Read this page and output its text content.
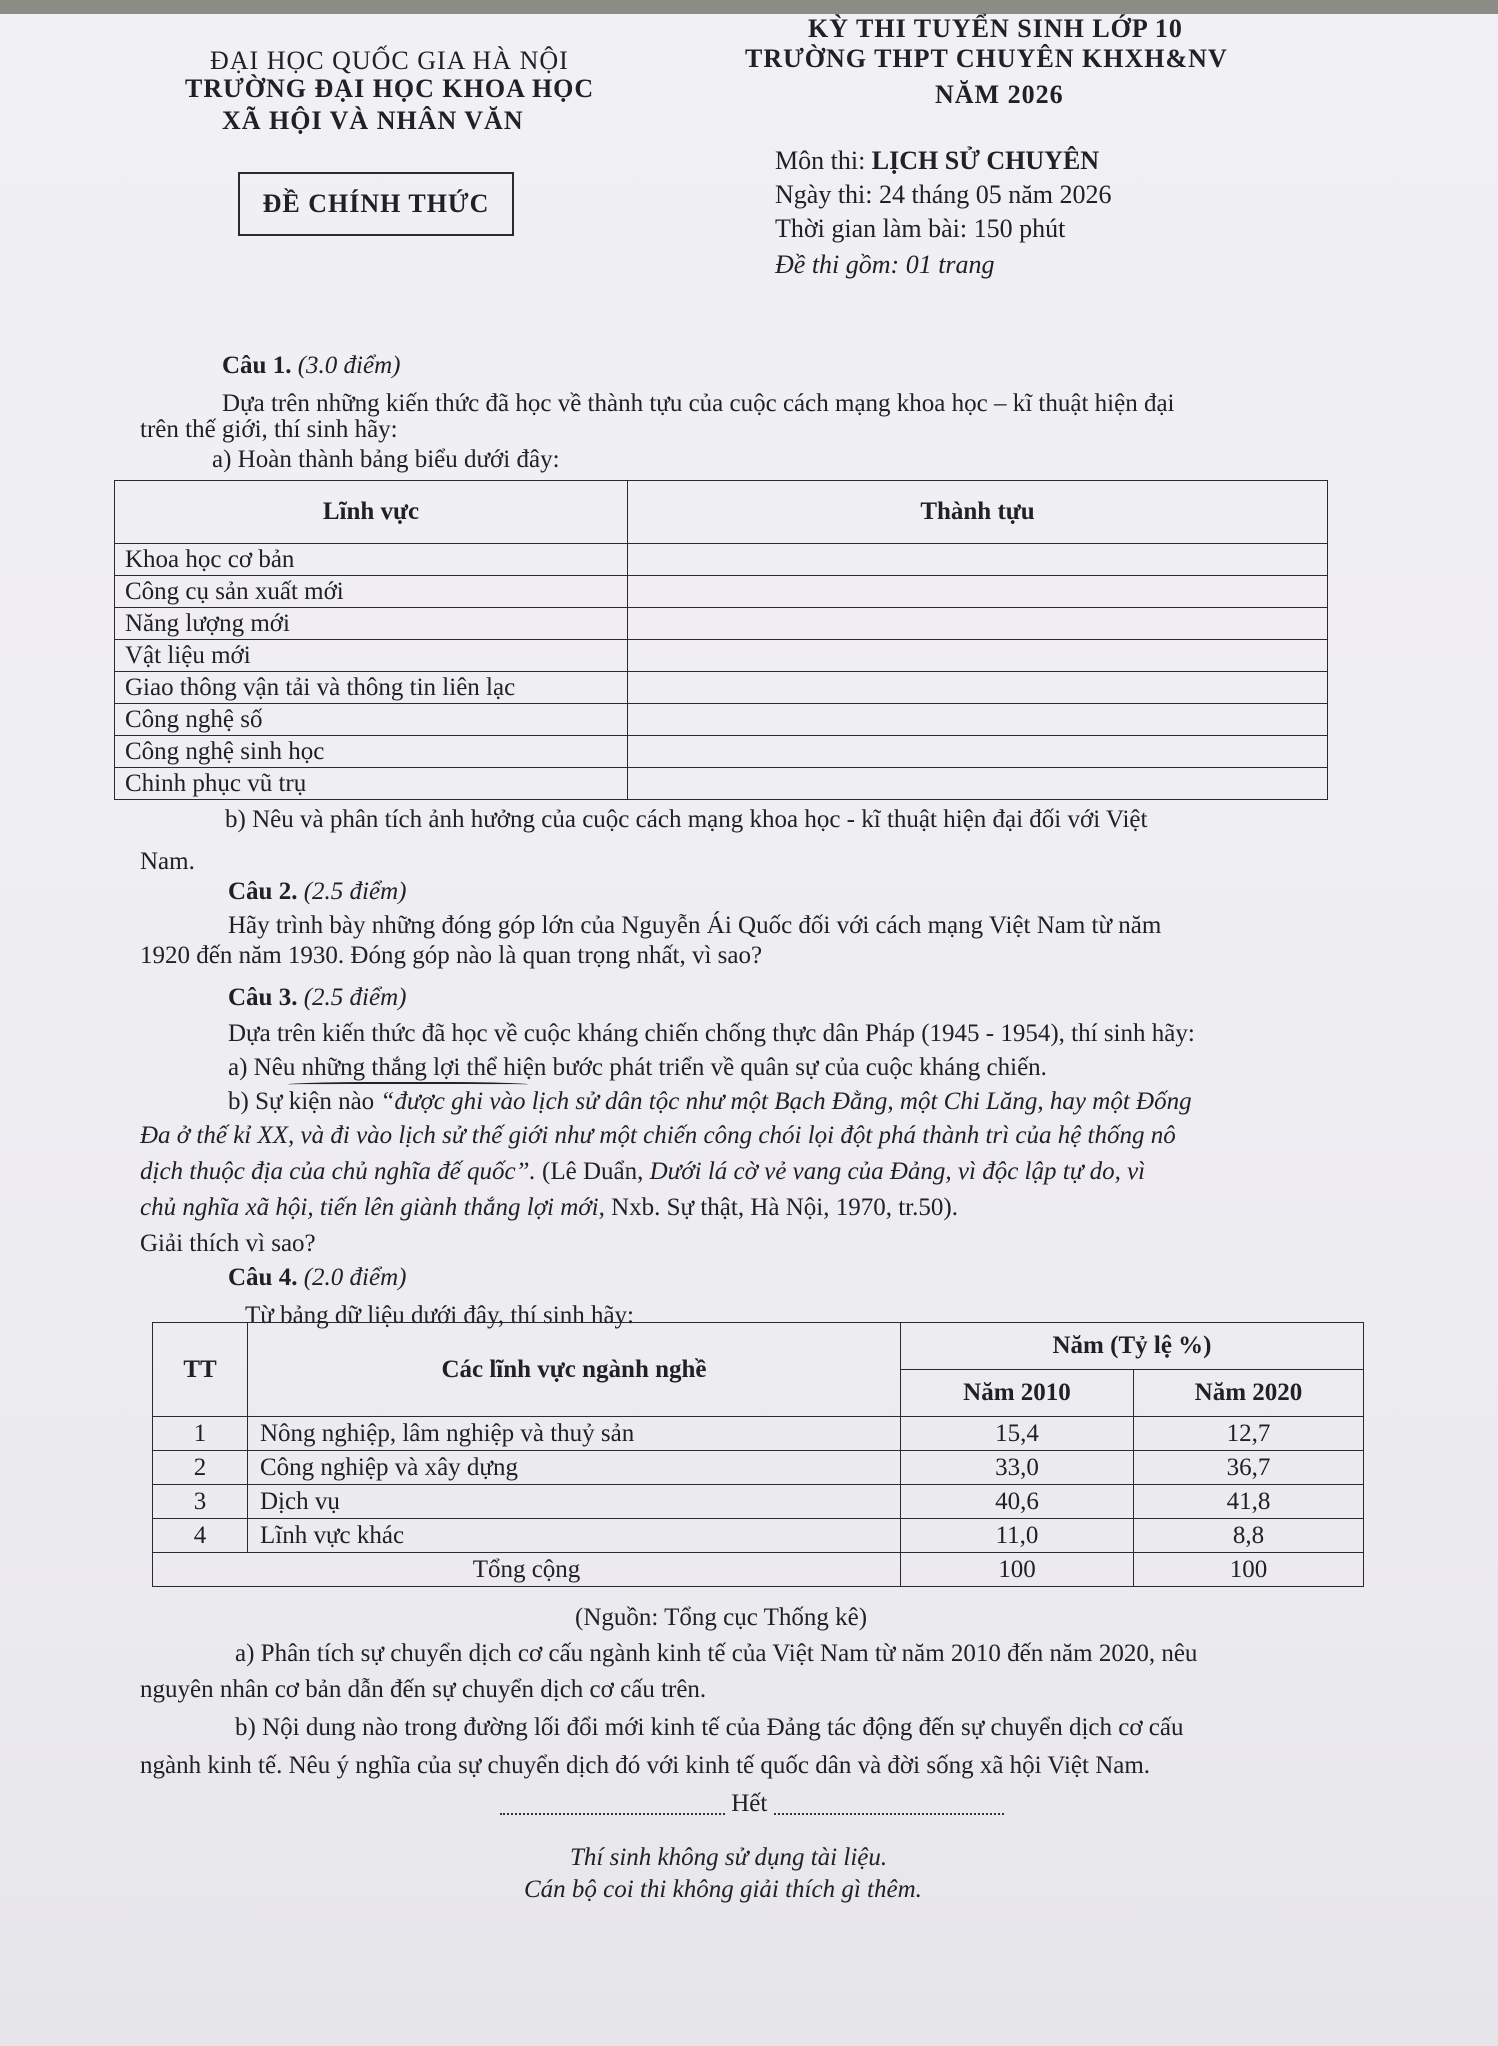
ĐẠI HỌC QUỐC GIA HÀ NỘI
TRƯỜNG ĐẠI HỌC KHOA HỌC
XÃ HỘI VÀ NHÂN VĂN
KỲ THI TUYỂN SINH LỚP 10
TRƯỜNG THPT CHUYÊN KHXH&NV
NĂM 2026
ĐỀ CHÍNH THỨC
Môn thi: LỊCH SỬ CHUYÊN
Ngày thi: 24 tháng 05 năm 2026
Thời gian làm bài: 150 phút
Đề thi gồm: 01 trang
Câu 1. (3.0 điểm)
Dựa trên những kiến thức đã học về thành tựu của cuộc cách mạng khoa học – kĩ thuật hiện đại
trên thế giới, thí sinh hãy:
a) Hoàn thành bảng biểu dưới đây:
Lĩnh vực	Thành tựu
Khoa học cơ bản	
Công cụ sản xuất mới	
Năng lượng mới	
Vật liệu mới	
Giao thông vận tải và thông tin liên lạc	
Công nghệ số	
Công nghệ sinh học	
Chinh phục vũ trụ	
b) Nêu và phân tích ảnh hưởng của cuộc cách mạng khoa học - kĩ thuật hiện đại đối với Việt
Nam.
Câu 2. (2.5 điểm)
Hãy trình bày những đóng góp lớn của Nguyễn Ái Quốc đối với cách mạng Việt Nam từ năm
1920 đến năm 1930. Đóng góp nào là quan trọng nhất, vì sao?
Câu 3. (2.5 điểm)
Dựa trên kiến thức đã học về cuộc kháng chiến chống thực dân Pháp (1945 - 1954), thí sinh hãy:
a) Nêu những thắng lợi thể hiện bước phát triển về quân sự của cuộc kháng chiến.
b) Sự kiện nào “được ghi vào lịch sử dân tộc như một Bạch Đằng, một Chi Lăng, hay một Đống
Đa ở thế kỉ XX, và đi vào lịch sử thế giới như một chiến công chói lọi đột phá thành trì của hệ thống nô
dịch thuộc địa của chủ nghĩa đế quốc”. (Lê Duẩn, Dưới lá cờ vẻ vang của Đảng, vì độc lập tự do, vì
chủ nghĩa xã hội, tiến lên giành thắng lợi mới, Nxb. Sự thật, Hà Nội, 1970, tr.50).
Giải thích vì sao?
Câu 4. (2.0 điểm)
Từ bảng dữ liệu dưới đây, thí sinh hãy:
TT	Các lĩnh vực ngành nghề	Năm (Tỷ lệ %)	
		Năm 2010	Năm 2020
1	Nông nghiệp, lâm nghiệp và thuỷ sản	15,4	12,7
2	Công nghiệp và xây dựng	33,0	36,7
3	Dịch vụ	40,6	41,8
4	Lĩnh vực khác	11,0	8,8
Tổng cộng		100	100
(Nguồn: Tổng cục Thống kê)
a) Phân tích sự chuyển dịch cơ cấu ngành kinh tế của Việt Nam từ năm 2010 đến năm 2020, nêu
nguyên nhân cơ bản dẫn đến sự chuyển dịch cơ cấu trên.
b) Nội dung nào trong đường lối đổi mới kinh tế của Đảng tác động đến sự chuyển dịch cơ cấu
ngành kinh tế. Nêu ý nghĩa của sự chuyển dịch đó với kinh tế quốc dân và đời sống xã hội Việt Nam.
Hết
Thí sinh không sử dụng tài liệu.
Cán bộ coi thi không giải thích gì thêm.
